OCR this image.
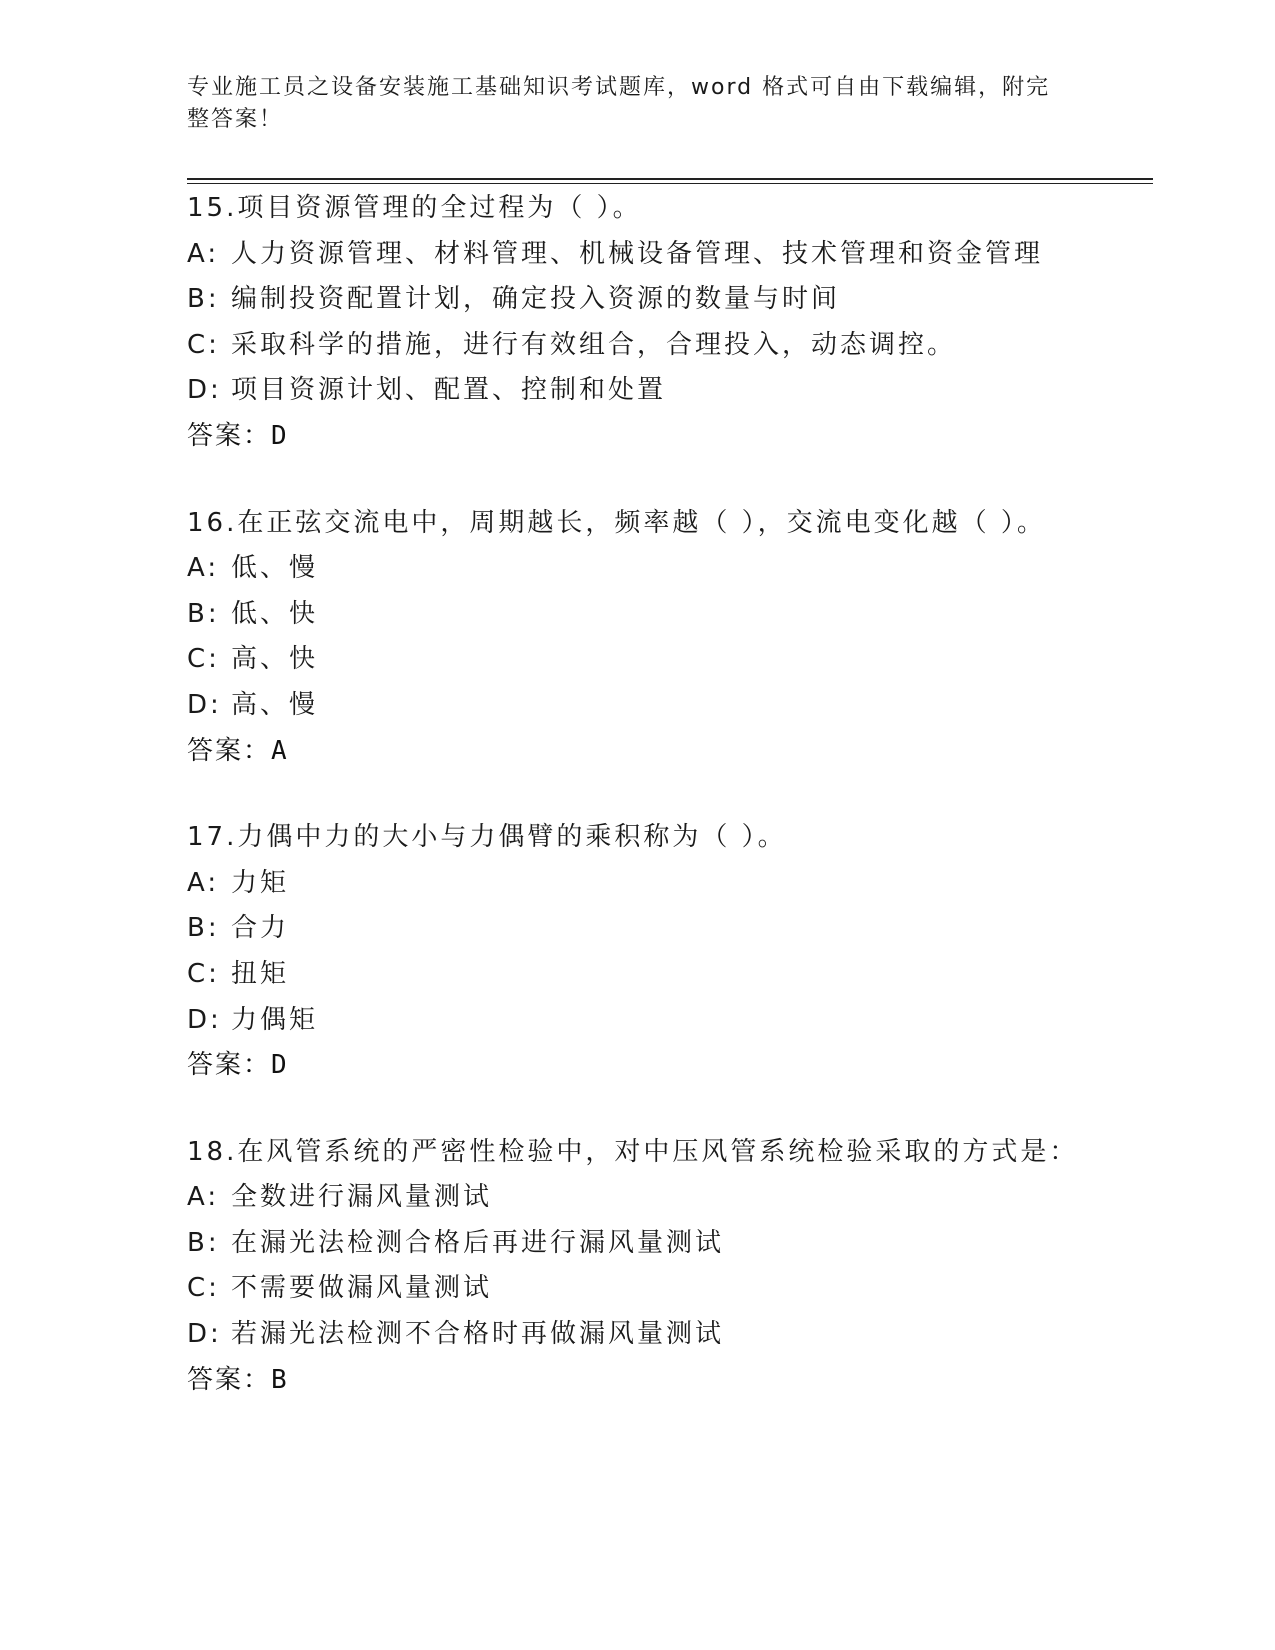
专业施工员之设备安装施工基础知识考试题库，word 格式可自由下载编辑，附完整答案！
15.项目资源管理的全过程为（ ）。
A: 人力资源管理、材料管理、机械设备管理、技术管理和资金管理
B: 编制投资配置计划，确定投入资源的数量与时间
C: 采取科学的措施，进行有效组合，合理投入，动态调控。
D: 项目资源计划、配置、控制和处置
答案：D
16.在正弦交流电中，周期越长，频率越（ ），交流电变化越（ ）。
A: 低、慢
B: 低、快
C: 高、快
D: 高、慢
答案：A
17.力偶中力的大小与力偶臂的乘积称为（ ）。
A: 力矩
B: 合力
C: 扭矩
D: 力偶矩
答案：D
18.在风管系统的严密性检验中，对中压风管系统检验采取的方式是：
A: 全数进行漏风量测试
B: 在漏光法检测合格后再进行漏风量测试
C: 不需要做漏风量测试
D: 若漏光法检测不合格时再做漏风量测试
答案：B
